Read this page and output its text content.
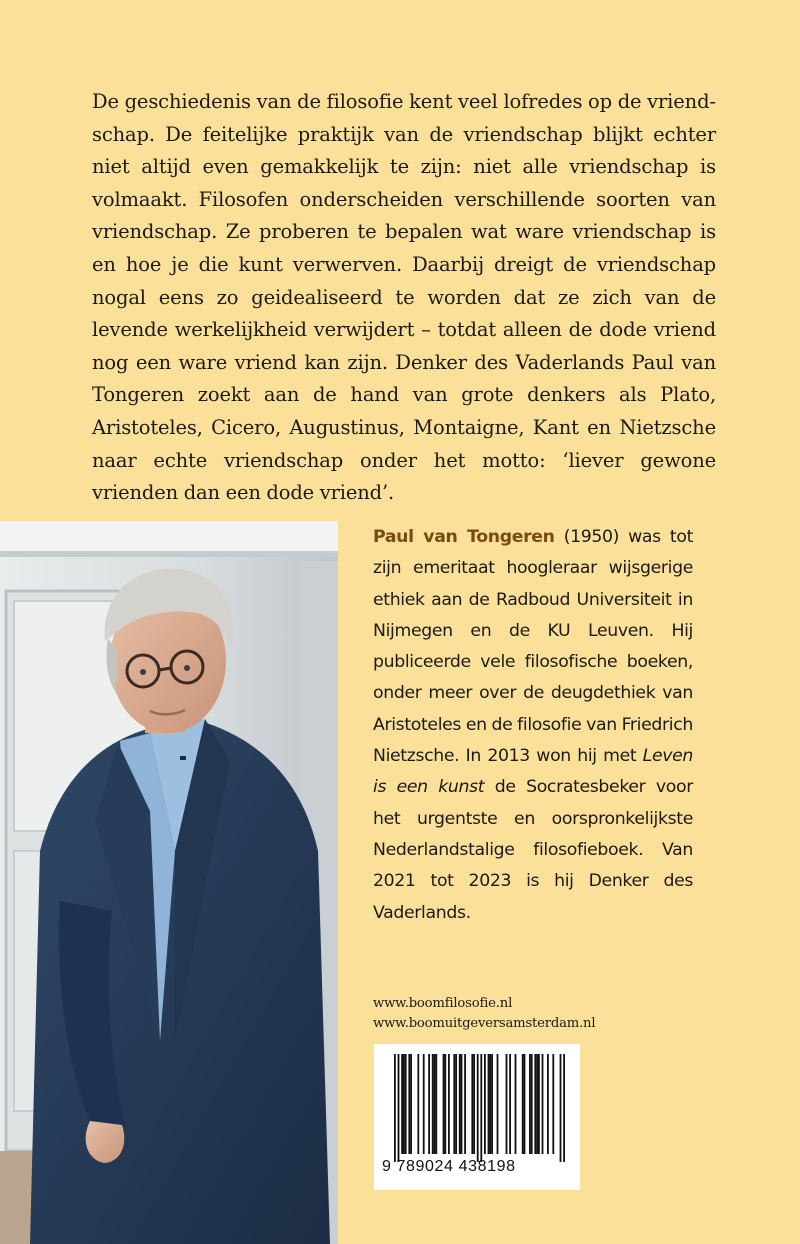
De geschiedenis van de filosofie kent veel lofredes op de vriendschap. De feitelijke praktijk van de vriendschap blijkt echter niet altijd even gemakkelijk te zijn: niet alle vriendschap is volmaakt. Filosofen onderscheiden verschillende soorten van vriendschap. Ze proberen te bepalen wat ware vriendschap is en hoe je die kunt verwerven. Daarbij dreigt de vriendschap nogal eens zo geidealiseerd te worden dat ze zich van de levende werkelijkheid verwijdert – totdat alleen de dode vriend nog een ware vriend kan zijn. Denker des Vaderlands Paul van Tongeren zoekt aan de hand van grote denkers als Plato, Aristoteles, Cicero, Augustinus, Montaigne, Kant en Nietzsche naar echte vriendschap onder het motto: ‘liever gewone vrienden dan een dode vriend’.

Paul van Tongeren (1950) was tot zijn emeritaat hoogleraar wijsgerige ethiek aan de Radboud Universiteit in Nijmegen en de KU Leuven. Hij publiceerde vele filosofische boeken, onder meer over de deugdethiek van Aristoteles en de filosofie van Friedrich Nietzsche. In 2013 won hij met Leven is een kunst de Socratesbeker voor het urgentste en oorspronkelijkste Nederlandstalige filosofieboek. Van 2021 tot 2023 is hij Denker des Vaderlands.

www.boomfilosofie.nl
www.boomuitgeversamsterdam.nl
9 789024 438198
